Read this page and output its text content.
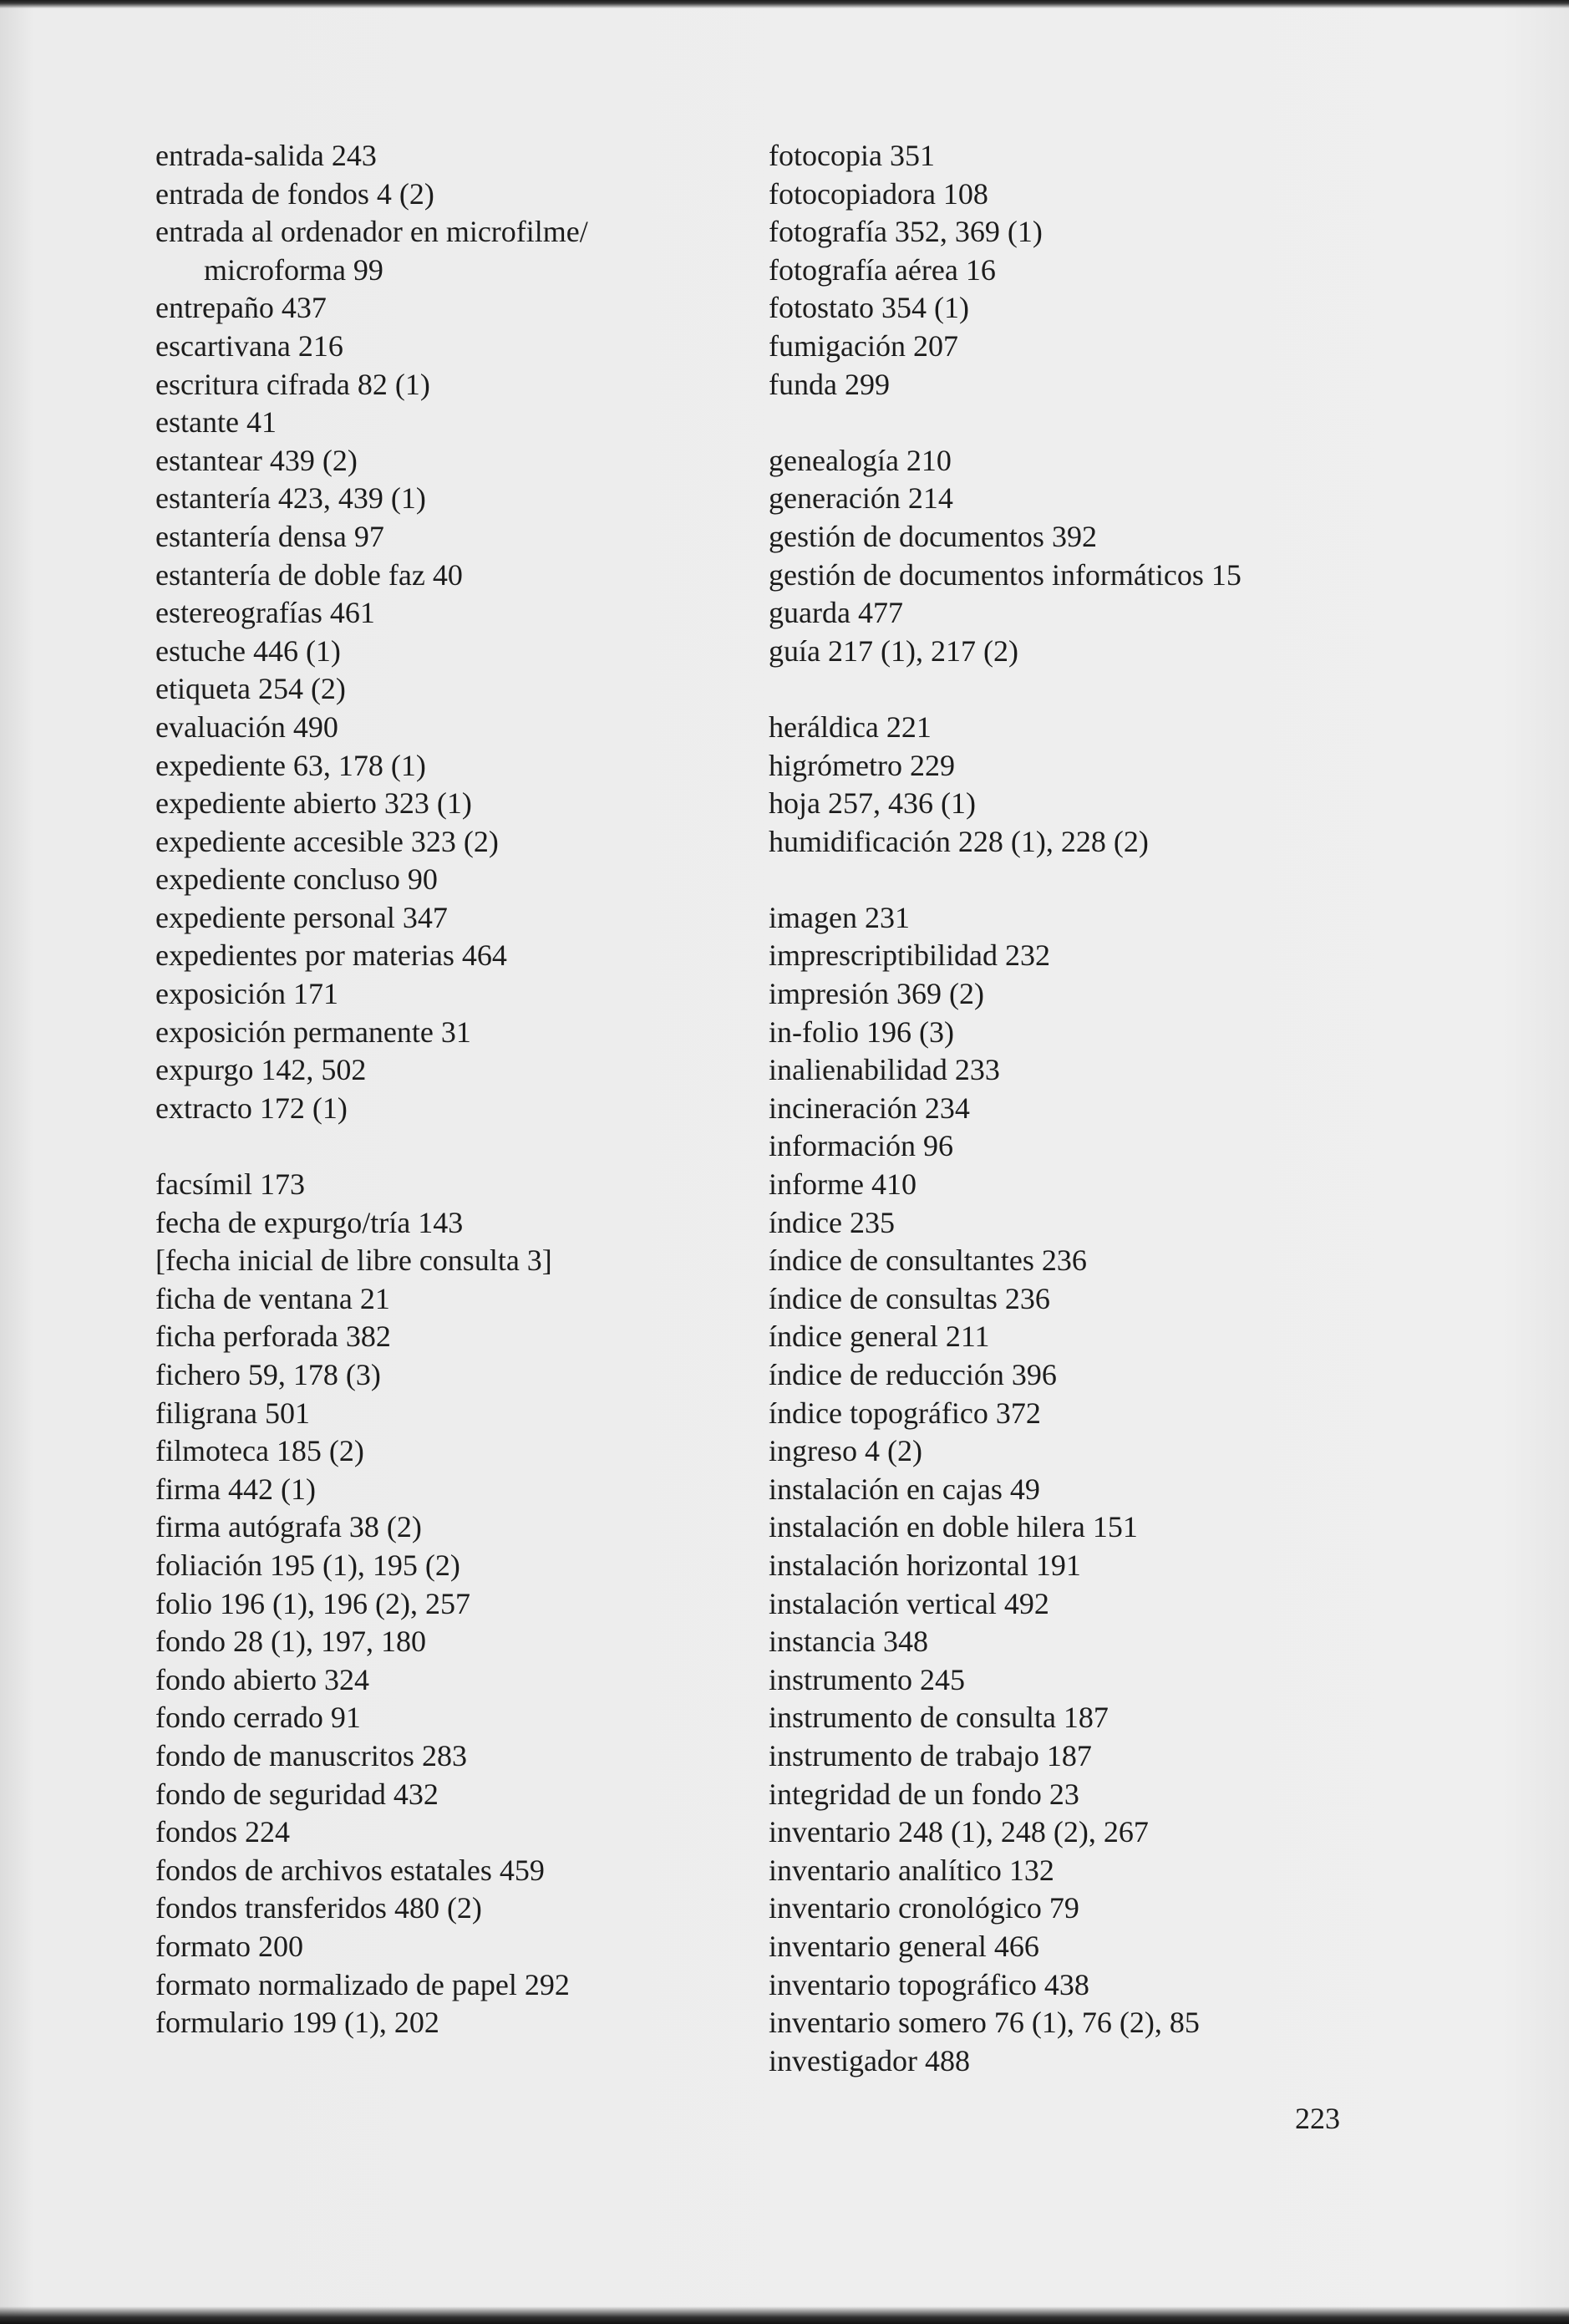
entrada-salida 243
entrada de fondos 4 (2)
entrada al ordenador en microfilme/
microforma 99
entrepaño 437
escartivana 216
escritura cifrada 82 (1)
estante 41
estantear 439 (2)
estantería 423, 439 (1)
estantería densa 97
estantería de doble faz 40
estereografías 461
estuche 446 (1)
etiqueta 254 (2)
evaluación 490
expediente 63, 178 (1)
expediente abierto 323 (1)
expediente accesible 323 (2)
expediente concluso 90
expediente personal 347
expedientes por materias 464
exposición 171
exposición permanente 31
expurgo 142, 502
extracto 172 (1)
facsímil 173
fecha de expurgo/tría 143
[fecha inicial de libre consulta 3]
ficha de ventana 21
ficha perforada 382
fichero 59, 178 (3)
filigrana 501
filmoteca 185 (2)
firma 442 (1)
firma autógrafa 38 (2)
foliación 195 (1), 195 (2)
folio 196 (1), 196 (2), 257
fondo 28 (1), 197, 180
fondo abierto 324
fondo cerrado 91
fondo de manuscritos 283
fondo de seguridad 432
fondos 224
fondos de archivos estatales 459
fondos transferidos 480 (2)
formato 200
formato normalizado de papel 292
formulario 199 (1), 202
fotocopia 351
fotocopiadora 108
fotografía 352, 369 (1)
fotografía aérea 16
fotostato 354 (1)
fumigación 207
funda 299
genealogía 210
generación 214
gestión de documentos 392
gestión de documentos informáticos 15
guarda 477
guía 217 (1), 217 (2)
heráldica 221
higrómetro 229
hoja 257, 436 (1)
humidificación 228 (1), 228 (2)
imagen 231
imprescriptibilidad 232
impresión 369 (2)
in-folio 196 (3)
inalienabilidad 233
incineración 234
información 96
informe 410
índice 235
índice de consultantes 236
índice de consultas 236
índice general 211
índice de reducción 396
índice topográfico 372
ingreso 4 (2)
instalación en cajas 49
instalación en doble hilera 151
instalación horizontal 191
instalación vertical 492
instancia 348
instrumento 245
instrumento de consulta 187
instrumento de trabajo 187
integridad de un fondo 23
inventario 248 (1), 248 (2), 267
inventario analítico 132
inventario cronológico 79
inventario general 466
inventario topográfico 438
inventario somero 76 (1), 76 (2), 85
investigador 488
223
